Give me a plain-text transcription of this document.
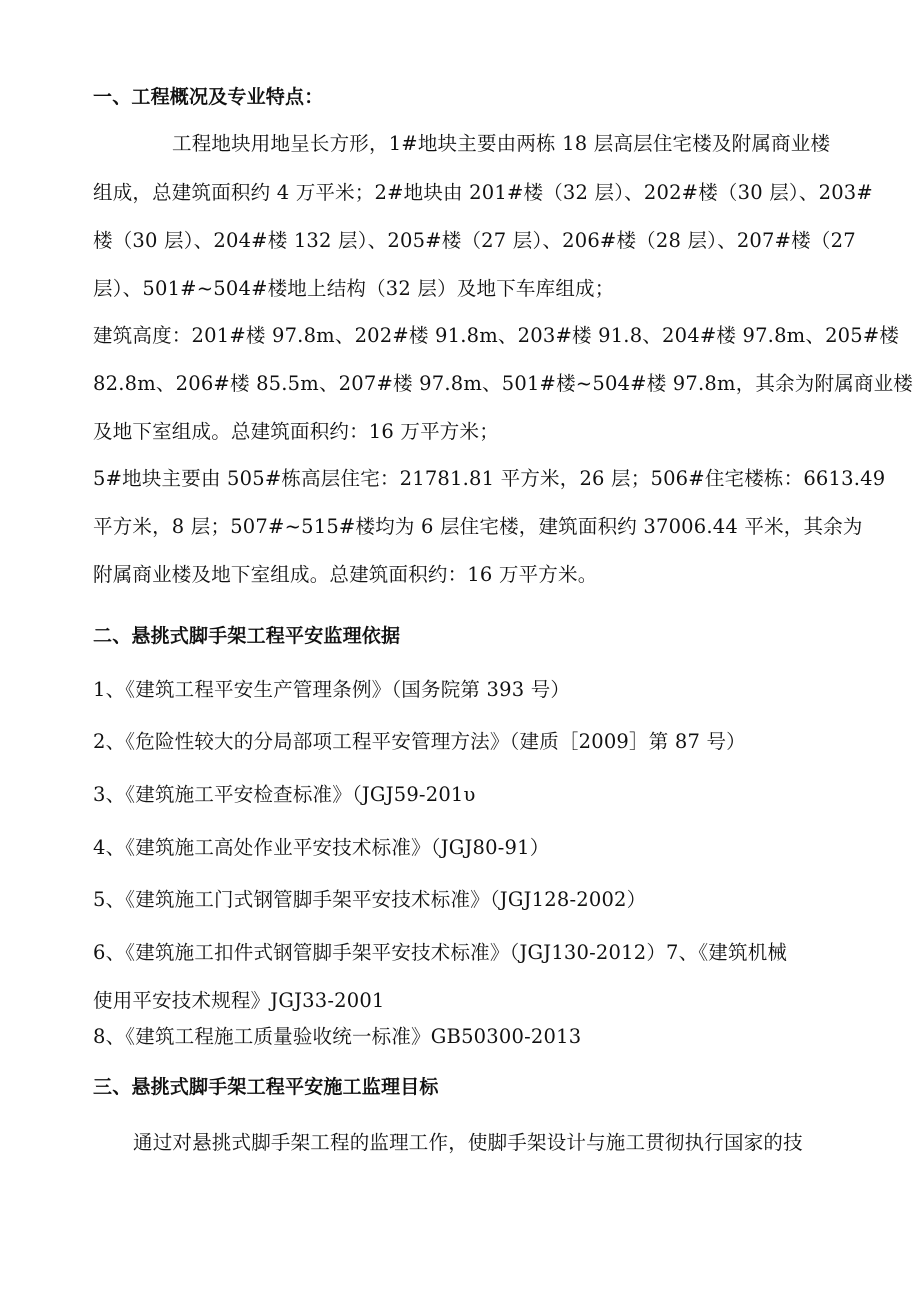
一、工程概况及专业特点：
工程地块用地呈长方形，1#地块主要由两栋 18 层高层住宅楼及附属商业楼
组成，总建筑面积约 4 万平米；2#地块由 201#楼（32 层）、202#楼（30 层）、203#
楼（30 层）、204#楼 132 层）、205#楼（27 层）、206#楼（28 层）、207#楼（27
层）、501#~504#楼地上结构（32 层）及地下车库组成；
建筑高度：201#楼 97.8m、202#楼 91.8m、203#楼 91.8、204#楼 97.8m、205#楼
82.8m、206#楼 85.5m、207#楼 97.8m、501#楼~504#楼 97.8m，其余为附属商业楼
及地下室组成。总建筑面积约：16 万平方米；
5#地块主要由 505#栋高层住宅：21781.81 平方米，26 层；506#住宅楼栋：6613.49
平方米，8 层；507#~515#楼均为 6 层住宅楼，建筑面积约 37006.44 平米，其余为
附属商业楼及地下室组成。总建筑面积约：16 万平方米。
二、悬挑式脚手架工程平安监理依据
1、《建筑工程平安生产管理条例》（国务院第 393 号）
2、《危险性较大的分局部项工程平安管理方法》（建质［2009］第 87 号）
3、《建筑施工平安检查标准》（JGJ59-201υ
4、《建筑施工高处作业平安技术标准》（JGJ80-91）
5、《建筑施工门式钢管脚手架平安技术标准》（JGJ128-2002）
6、《建筑施工扣件式钢管脚手架平安技术标准》（JGJ130-2012）7、《建筑机械
使用平安技术规程》JGJ33-2001
8、《建筑工程施工质量验收统一标准》GB50300-2013
三、悬挑式脚手架工程平安施工监理目标
通过对悬挑式脚手架工程的监理工作，使脚手架设计与施工贯彻执行国家的技
